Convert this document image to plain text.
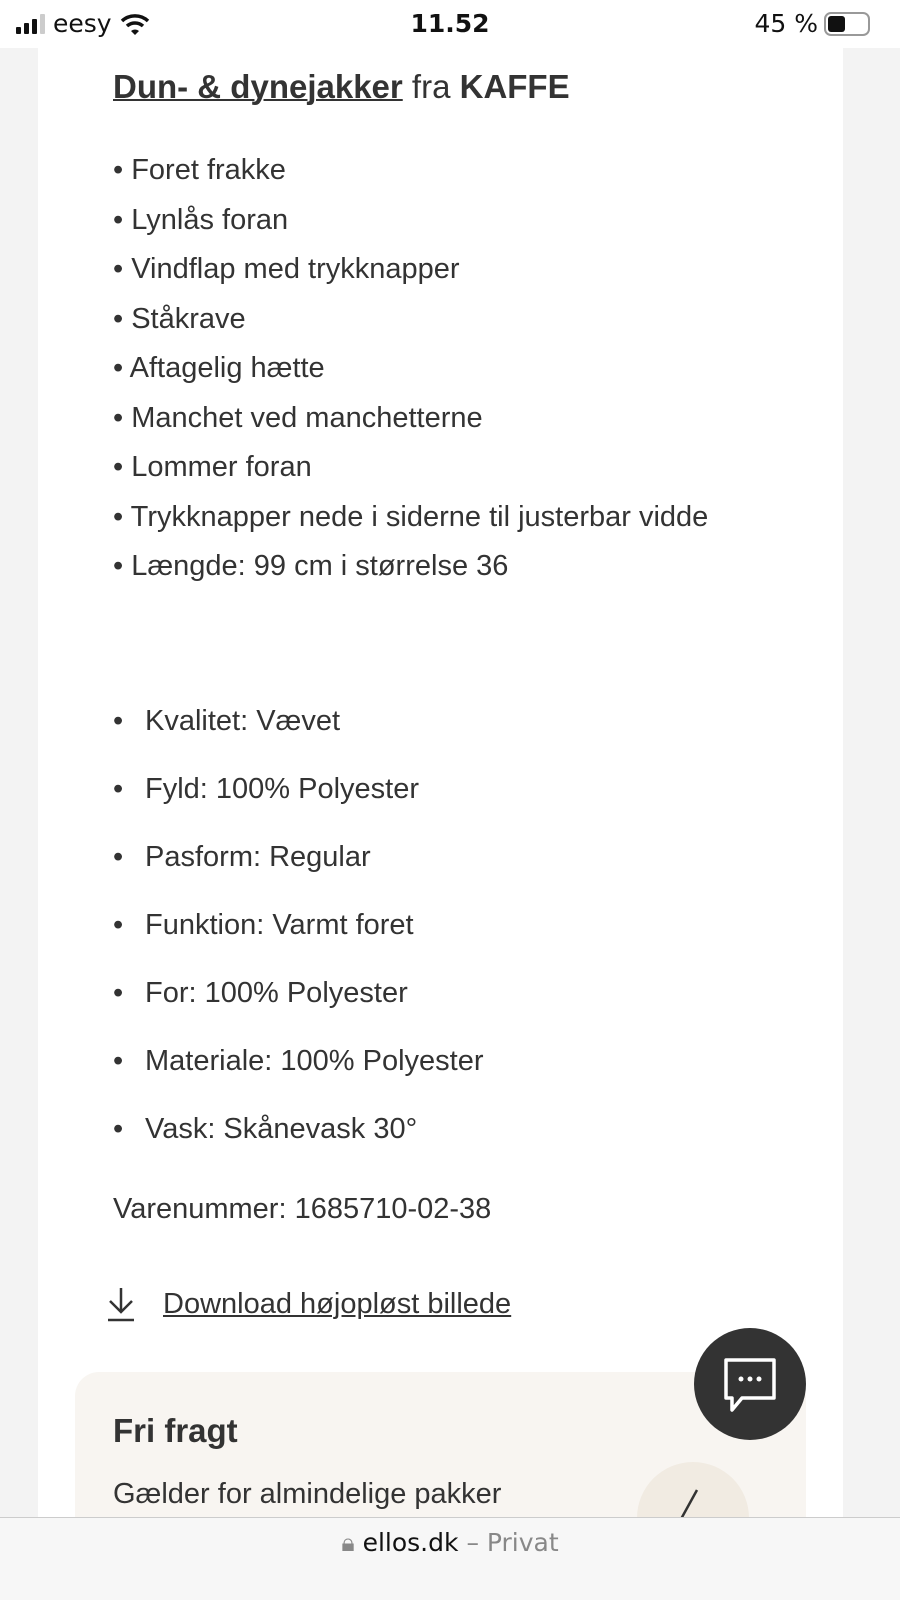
eesy	11.52	45 %
Dun- & dynejakker fra KAFFE
• Foret frakke
• Lynlås foran
• Vindflap med trykknapper
• Ståkrave
• Aftagelig hætte
• Manchet ved manchetterne
• Lommer foran
• Trykknapper nede i siderne til justerbar vidde
• Længde: 99 cm i størrelse 36
• Kvalitet: Vævet
• Fyld: 100% Polyester
• Pasform: Regular
• Funktion: Varmt foret
• For: 100% Polyester
• Materiale: 100% Polyester
• Vask: Skånevask 30°
Varenummer: 1685710-02-38
Download højopløst billede
Fri fragt

Gælder for almindelige pakker

🔒︎ ellos.dk – Privat
